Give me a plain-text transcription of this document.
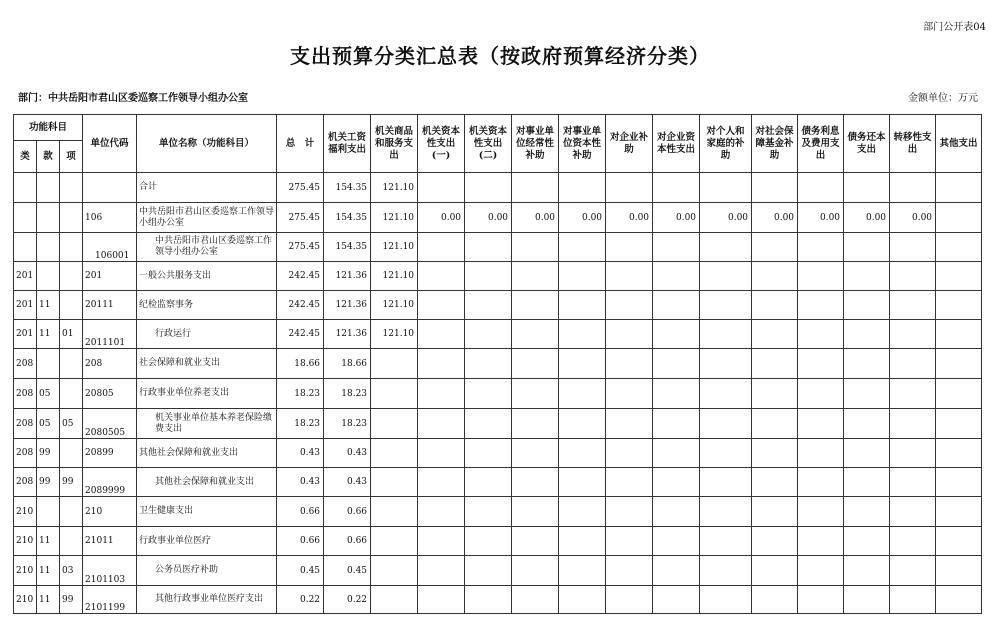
部门公开表04
支出预算分类汇总表（按政府预算经济分类）
部门：中共岳阳市君山区委巡察工作领导小组办公室	金额单位：万元
功能科目			单位代码	单位名称（功能科目）	总　计	机关工资福利支出	机关商品和服务支出	机关资本性支出(一)	机关资本性支出(二)	对事业单位经常性补助	对事业单位资本性补助	对企业补助	对企业资本性支出	对个人和家庭的补助	对社会保障基金补助	债务利息及费用支出	债务还本支出	转移性支出	其他支出
类	款	项																	
				合计	275.45	154.35	121.10												
			106	中共岳阳市君山区委巡察工作领导小组办公室	275.45	154.35	121.10	0.00	0.00	0.00	0.00	0.00	0.00	0.00	0.00	0.00	0.00	0.00	
			106001	中共岳阳市君山区委巡察工作领导小组办公室	275.45	154.35	121.10												
201			201	一般公共服务支出	242.45	121.36	121.10												
201	11		20111	纪检监察事务	242.45	121.36	121.10												
201	11	01	2011101	行政运行	242.45	121.36	121.10												
208			208	社会保障和就业支出	18.66	18.66													
208	05		20805	行政事业单位养老支出	18.23	18.23													
208	05	05	2080505	机关事业单位基本养老保险缴费支出	18.23	18.23													
208	99		20899	其他社会保障和就业支出	0.43	0.43													
208	99	99	2089999	其他社会保障和就业支出	0.43	0.43													
210			210	卫生健康支出	0.66	0.66													
210	11		21011	行政事业单位医疗	0.66	0.66													
210	11	03	2101103	公务员医疗补助	0.45	0.45													
210	11	99	2101199	其他行政事业单位医疗支出	0.22	0.22													
